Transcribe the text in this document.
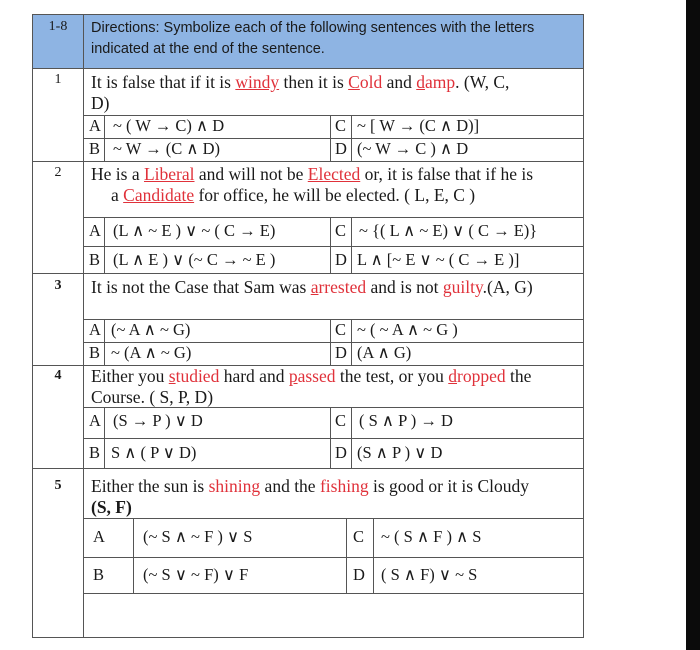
1-8	Directions: Symbolize each of the following sentences with the letters indicated at the end of the sentence.
1	It is false that if it is windy then it is Cold and damp. (W, C,
D)
A ~ ( W → C) ∧ D	C ~ [ W → (C ∧ D)]
B ~ W → (C ∧ D)	D (~ W → C ) ∧ D
2	He is a Liberal and will not be Elected or, it is false that if he is
a Candidate for office, he will be elected. ( L, E, C )
A (L ∧ ~ E ) ∨ ~ ( C → E)	C ~ {( L ∧ ~ E) ∨ ( C → E)}
B (L ∧ E ) ∨ (~ C → ~ E )	D L ∧ [~ E ∨ ~ ( C → E )]
3	It is not the Case that Sam was arrested and is not guilty.(A, G)
A (~ A ∧ ~ G)	C ~ ( ~ A ∧ ~ G )
B ~ (A ∧ ~ G)	D (A ∧ G)
4	Either you studied hard and passed the test, or you dropped the
Course. ( S, P, D)
A (S → P ) ∨ D	C ( S ∧ P ) → D
B S ∧ ( P ∨ D)	D (S ∧ P ) ∨ D
5	Either the sun is shining and the fishing is good or it is Cloudy
(S, F)
A (~ S ∧ ~ F ) ∨ S	C ~ ( S ∧ F ) ∧ S
B (~ S ∨ ~ F) ∨ F	D ( S ∧ F) ∨ ~ S
